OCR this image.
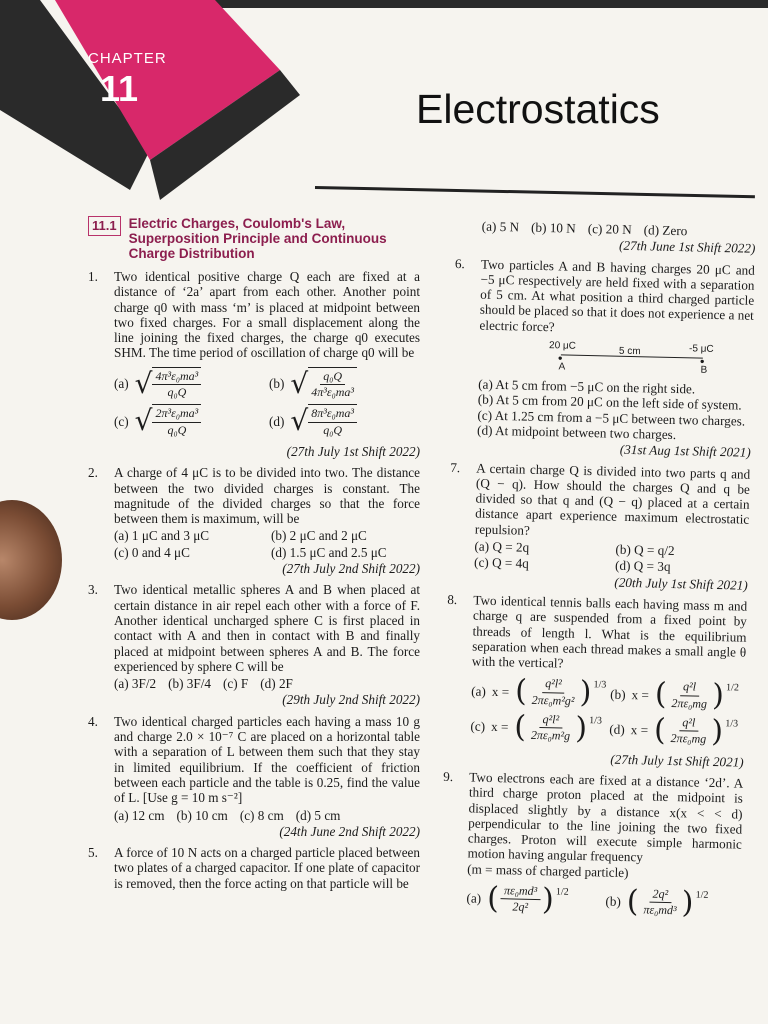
CHAPTER
11	Electrostatics
11.1 Electric Charges, Coulomb's Law, Superposition Principle and Continuous Charge Distribution
1.	Two identical positive charge Q each are fixed at a distance of ‘2a’ apart from each other. Another point charge q0 with mass ‘m’ is placed at midpoint between two fixed charges. For a small displacement along the line joining the fixed charges, the charge q0 executes SHM. The time period of oscillation of charge q0 will be
(a) √ $\frac{\text{4π³ε₀ma³}}{\text{q₀Q}}$	(b) √ $\frac{\text{q₀Q}}{\text{4π³ε₀ma³}}$
(c) √ $\frac{\text{2π³ε₀ma³}}{\text{q₀Q}}$	(d) √ $\frac{\text{8π³ε₀ma³}}{\text{q₀Q}}$
(27th July 1st Shift 2022)
2.	A charge of 4 μC is to be divided into two. The distance between the two divided charges is constant. The magnitude of the divided charges so that the force between them is maximum, will be
(a) 1 μC and 3 μC	(b) 2 μC and 2 μC
(c) 0 and 4 μC	(d) 1.5 μC and 2.5 μC
(27th July 2nd Shift 2022)
3.	Two identical metallic spheres A and B when placed at certain distance in air repel each other with a force of F. Another identical uncharged sphere C is first placed in contact with A and then in contact with B and finally placed at midpoint between spheres A and B. The force experienced by sphere C will be
(a) 3F/2 (b) 3F/4 (c) F (d) 2F
(29th July 2nd Shift 2022)
4.	Two identical charged particles each having a mass 10 g and charge 2.0 × 10⁻⁷ C are placed on a horizontal table with a separation of L between them such that they stay in limited equilibrium. If the coefficient of friction between each particle and the table is 0.25, find the value of L. [Use g = 10 m s⁻²]
(a) 12 cm (b) 10 cm (c) 8 cm (d) 5 cm
(24th June 2nd Shift 2022)
5.	A force of 10 N acts on a charged particle placed between two plates of a charged capacitor. If one plate of capacitor is removed, then the force acting on that particle will be
(a) 5 N (b) 10 N (c) 20 N (d) Zero
(27th June 1st Shift 2022)
6.	Two particles A and B having charges 20 μC and −5 μC respectively are held fixed with a separation of 5 cm. At what position a third charged particle should be placed so that it does not experience a net electric force?
20 μC	-5 μC
●	●
5 cm
A	B
(a) At 5 cm from −5 μC on the right side.
(b) At 5 cm from 20 μC on the left side of system.
(c) At 1.25 cm from a −5 μC between two charges.
(d) At midpoint between two charges.
(31st Aug 1st Shift 2021)
7.	A certain charge Q is divided into two parts q and (Q − q). How should the charges Q and q be divided so that q and (Q − q) placed at a certain distance apart experience maximum electrostatic repulsion?
(a) Q = 2q	(b) Q = q/2
(c) Q = 4q	(d) Q = 3q
(20th July 1st Shift 2021)
8.	Two identical tennis balls each having mass m and charge q are suspended from a fixed point by threads of length l. What is the equilibrium separation when each thread makes a small angle θ with the vertical?
(a) x = ( $\frac{\text{q²l²}}{\text{2πε₀m²g²}} )^{1/3}$
(b) x = ( $\frac{\text{q²l}}{\text{2πε₀mg}} )^{1/2}$
(c) x = ( $\frac{\text{q²l²}}{\text{2πε₀m²g}} )^{1/3}$
(d) x = ( $\frac{\text{q²l}}{\text{2πε₀mg}} )^{1/3}$
(27th July 1st Shift 2021)
9.	Two electrons each are fixed at a distance ‘2d’. A third charge proton placed at the midpoint is displaced slightly by a distance x(x < < d) perpendicular to the line joining the two fixed charges. Proton will execute simple harmonic motion having angular frequency
(m = mass of charged particle)
(a) ( $\frac{\text{πε₀md³}}{\text{2q²}} )^{1/2}$
(b) ( $\frac{\text{2q²}}{\text{πε₀md³}} )^{1/2}$
